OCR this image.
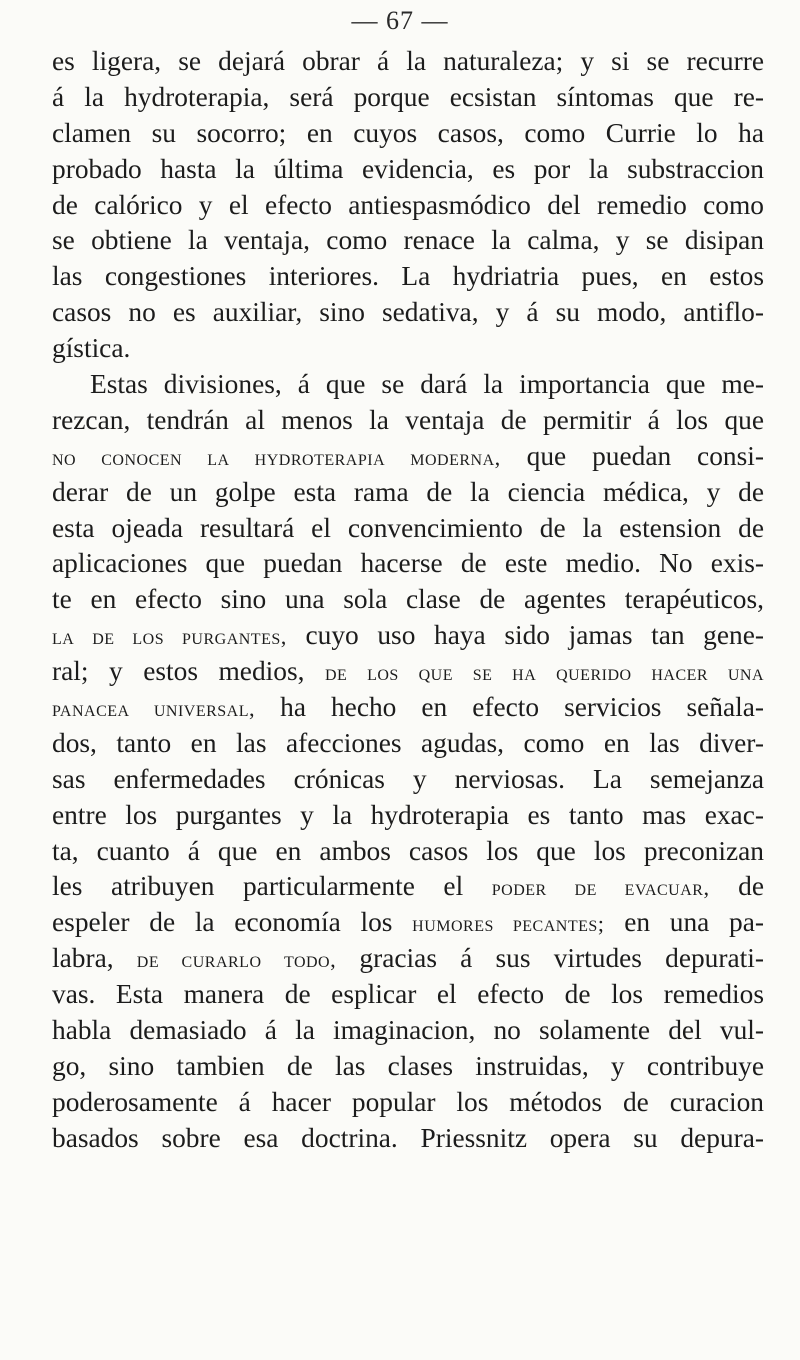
— 67 —
es ligera, se dejará obrar á la naturaleza; y si se recurre
á la hydroterapia, será porque ecsistan síntomas que re-
clamen su socorro; en cuyos casos, como Currie lo ha
probado hasta la última evidencia, es por la substraccion
de calórico y el efecto antiespasmódico del remedio como
se obtiene la ventaja, como renace la calma, y se disipan
las congestiones interiores. La hydriatria pues, en estos
casos no es auxiliar, sino sedativa, y á su modo, antiflo-
gística.
Estas divisiones, á que se dará la importancia que me-
rezcan, tendrán al menos la ventaja de permitir á los que
no conocen la hydroterapia moderna, que puedan consi-
derar de un golpe esta rama de la ciencia médica, y de
esta ojeada resultará el convencimiento de la estension de
aplicaciones que puedan hacerse de este medio. No exis-
te en efecto sino una sola clase de agentes terapéuticos,
la de los purgantes, cuyo uso haya sido jamas tan gene-
ral; y estos medios, de los que se ha querido hacer una
panacea universal, ha hecho en efecto servicios señala-
dos, tanto en las afecciones agudas, como en las diver-
sas enfermedades crónicas y nerviosas. La semejanza
entre los purgantes y la hydroterapia es tanto mas exac-
ta, cuanto á que en ambos casos los que los preconizan
les atribuyen particularmente el poder de evacuar, de
espeler de la economía los humores pecantes; en una pa-
labra, de curarlo todo, gracias á sus virtudes depurati-
vas. Esta manera de esplicar el efecto de los remedios
habla demasiado á la imaginacion, no solamente del vul-
go, sino tambien de las clases instruidas, y contribuye
poderosamente á hacer popular los métodos de curacion
basados sobre esa doctrina. Priessnitz opera su depura-
